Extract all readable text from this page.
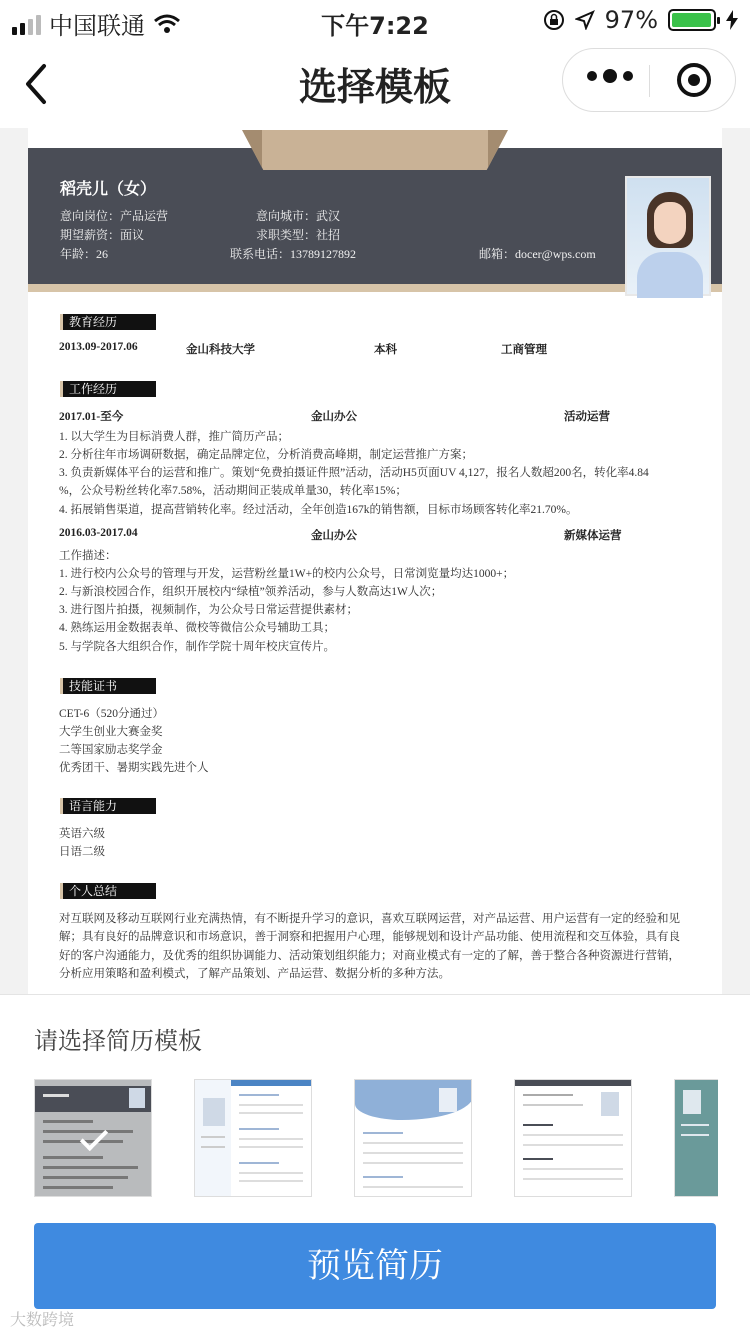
中国联通	下午7:22	97%
选择模板
稻壳儿（女）
意向岗位：产品运营	意向城市：武汉
期望薪资：面议	求职类型：社招
年龄：26	联系电话：13789127892	邮箱：docer@wps.com
教育经历
2013.09-2017.06	金山科技大学	本科	工商管理
工作经历
2017.01-至今	金山办公	活动运营
1. 以大学生为目标消费人群，推广简历产品；
2. 分析往年市场调研数据，确定品牌定位，分析消费高峰期，制定运营推广方案；
3. 负责新媒体平台的运营和推广。策划“免费拍摄证件照”活动，活动H5页面UV 4,127，报名人数超200名，转化率4.84
%，公众号粉丝转化率7.58%，活动期间正装成单量30，转化率15%；
4. 拓展销售渠道，提高营销转化率。经过活动，全年创造167k的销售额，目标市场顾客转化率21.70%。
2016.03-2017.04	金山办公	新媒体运营
工作描述：
1. 进行校内公众号的管理与开发，运营粉丝量1W+的校内公众号，日常浏览量均达1000+；
2. 与新浪校园合作，组织开展校内“绿植”领养活动，参与人数高达1W人次；
3. 进行图片拍摄，视频制作，为公众号日常运营提供素材；
4. 熟练运用金数据表单、微校等微信公众号辅助工具；
5. 与学院各大组织合作，制作学院十周年校庆宣传片。
技能证书
CET-6（520分通过）
大学生创业大赛金奖
二等国家励志奖学金
优秀团干、暑期实践先进个人
语言能力
英语六级
日语二级
个人总结
对互联网及移动互联网行业充满热情，有不断提升学习的意识，喜欢互联网运营，对产品运营、用户运营有一定的经验和见解；具有良好的品牌意识和市场意识，善于洞察和把握用户心理，能够规划和设计产品功能、使用流程和交互体验，具有良好的客户沟通能力，及优秀的组织协调能力、活动策划组织能力；对商业模式有一定的了解，善于整合各种资源进行营销，分析应用策略和盈利模式，了解产品策划、产品运营、数据分析的多种方法。
请选择简历模板
预览简历
大数跨境
